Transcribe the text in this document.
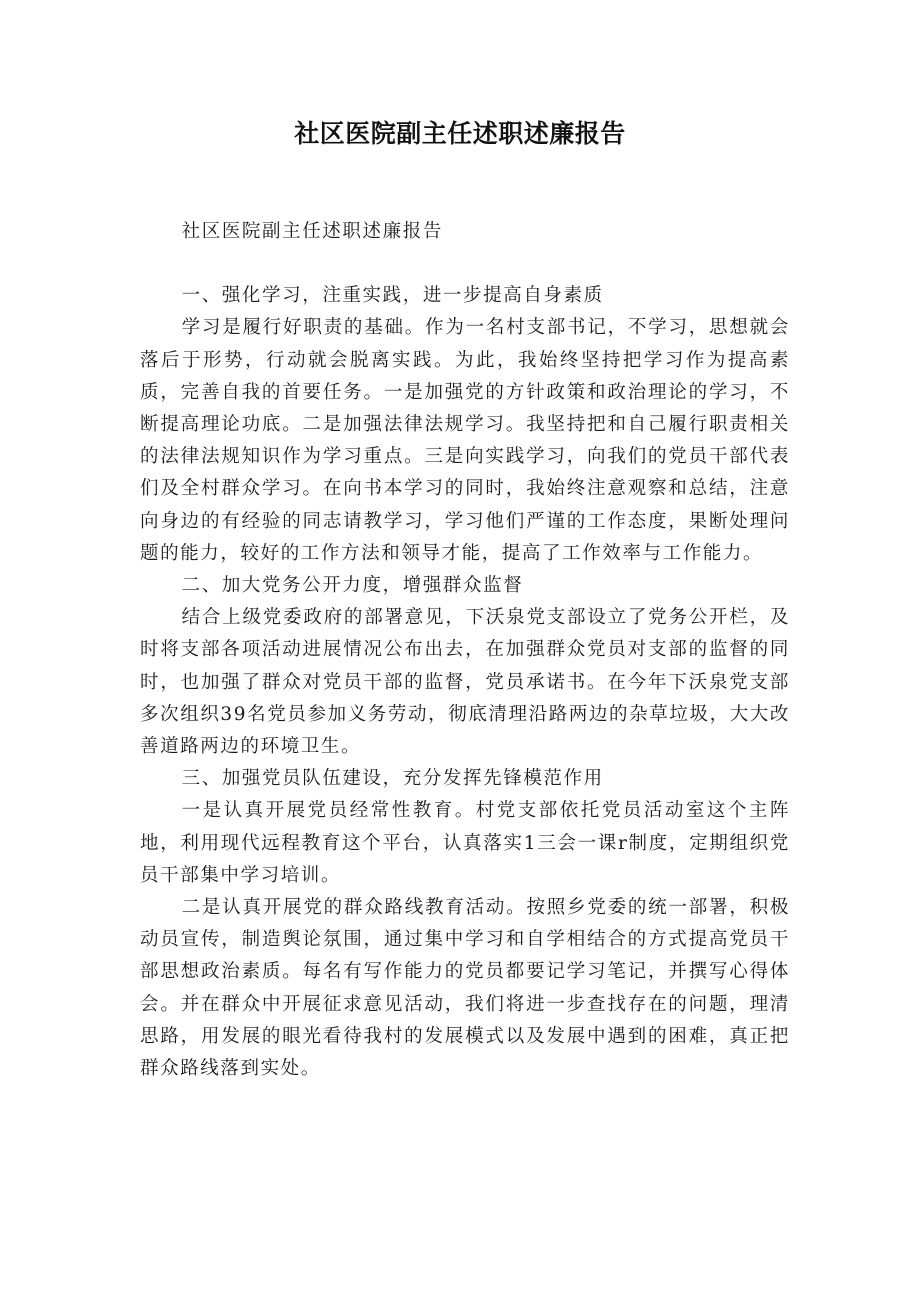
社区医院副主任述职述廉报告

社区医院副主任述职述廉报告

一、强化学习，注重实践，进一步提高自身素质

学习是履行好职责的基础。作为一名村支部书记，不学习，思想就会落后于形势，行动就会脱离实践。为此，我始终坚持把学习作为提高素质，完善自我的首要任务。一是加强党的方针政策和政治理论的学习，不断提高理论功底。二是加强法律法规学习。我坚持把和自己履行职责相关的法律法规知识作为学习重点。三是向实践学习，向我们的党员干部代表们及全村群众学习。在向书本学习的同时，我始终注意观察和总结，注意向身边的有经验的同志请教学习，学习他们严谨的工作态度，果断处理问题的能力，较好的工作方法和领导才能，提高了工作效率与工作能力。

二、加大党务公开力度，增强群众监督

结合上级党委政府的部署意见，下沃泉党支部设立了党务公开栏，及时将支部各项活动进展情况公布出去，在加强群众党员对支部的监督的同时，也加强了群众对党员干部的监督，党员承诺书。在今年下沃泉党支部多次组织39名党员参加义务劳动，彻底清理沿路两边的杂草垃圾，大大改善道路两边的环境卫生。

三、加强党员队伍建设，充分发挥先锋模范作用

一是认真开展党员经常性教育。村党支部依托党员活动室这个主阵地，利用现代远程教育这个平台，认真落实1三会一课r制度，定期组织党员干部集中学习培训。

二是认真开展党的群众路线教育活动。按照乡党委的统一部署，积极动员宣传，制造舆论氛围，通过集中学习和自学相结合的方式提高党员干部思想政治素质。每名有写作能力的党员都要记学习笔记，并撰写心得体会。并在群众中开展征求意见活动，我们将进一步查找存在的问题，理清思路，用发展的眼光看待我村的发展模式以及发展中遇到的困难，真正把群众路线落到实处。
